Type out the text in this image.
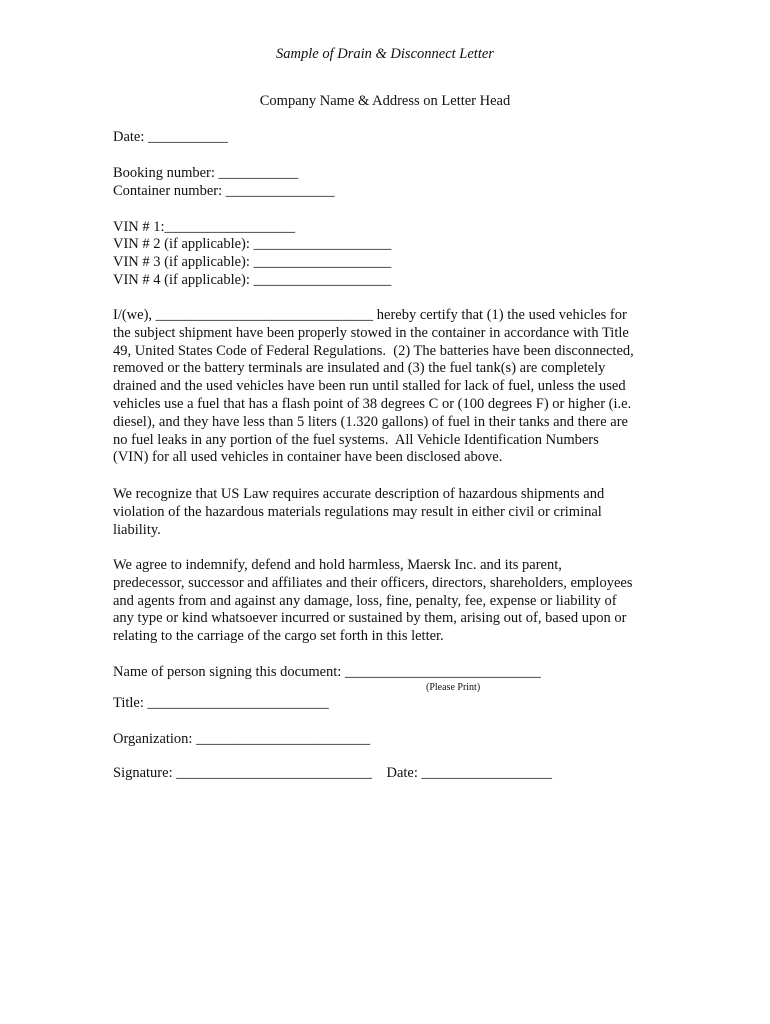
Sample of Drain & Disconnect Letter
Company Name & Address on Letter Head
Date: ___________
Booking number: ___________
Container number: _______________
VIN # 1:__________________
VIN # 2 (if applicable): ___________________
VIN # 3 (if applicable): ___________________
VIN # 4 (if applicable): ___________________
I/(we), ______________________________ hereby certify that (1) the used vehicles for
the subject shipment have been properly stowed in the container in accordance with Title
49, United States Code of Federal Regulations.  (2) The batteries have been disconnected,
removed or the battery terminals are insulated and (3) the fuel tank(s) are completely
drained and the used vehicles have been run until stalled for lack of fuel, unless the used
vehicles use a fuel that has a flash point of 38 degrees C or (100 degrees F) or higher (i.e.
diesel), and they have less than 5 liters (1.320 gallons) of fuel in their tanks and there are
no fuel leaks in any portion of the fuel systems.  All Vehicle Identification Numbers
(VIN) for all used vehicles in container have been disclosed above.
We recognize that US Law requires accurate description of hazardous shipments and
violation of the hazardous materials regulations may result in either civil or criminal
liability.
We agree to indemnify, defend and hold harmless, Maersk Inc. and its parent,
predecessor, successor and affiliates and their officers, directors, shareholders, employees
and agents from and against any damage, loss, fine, penalty, fee, expense or liability of
any type or kind whatsoever incurred or sustained by them, arising out of, based upon or
relating to the carriage of the cargo set forth in this letter.
Name of person signing this document: ___________________________
(Please Print)
Title: _________________________
Organization: ________________________
Signature: ___________________________    Date: __________________
